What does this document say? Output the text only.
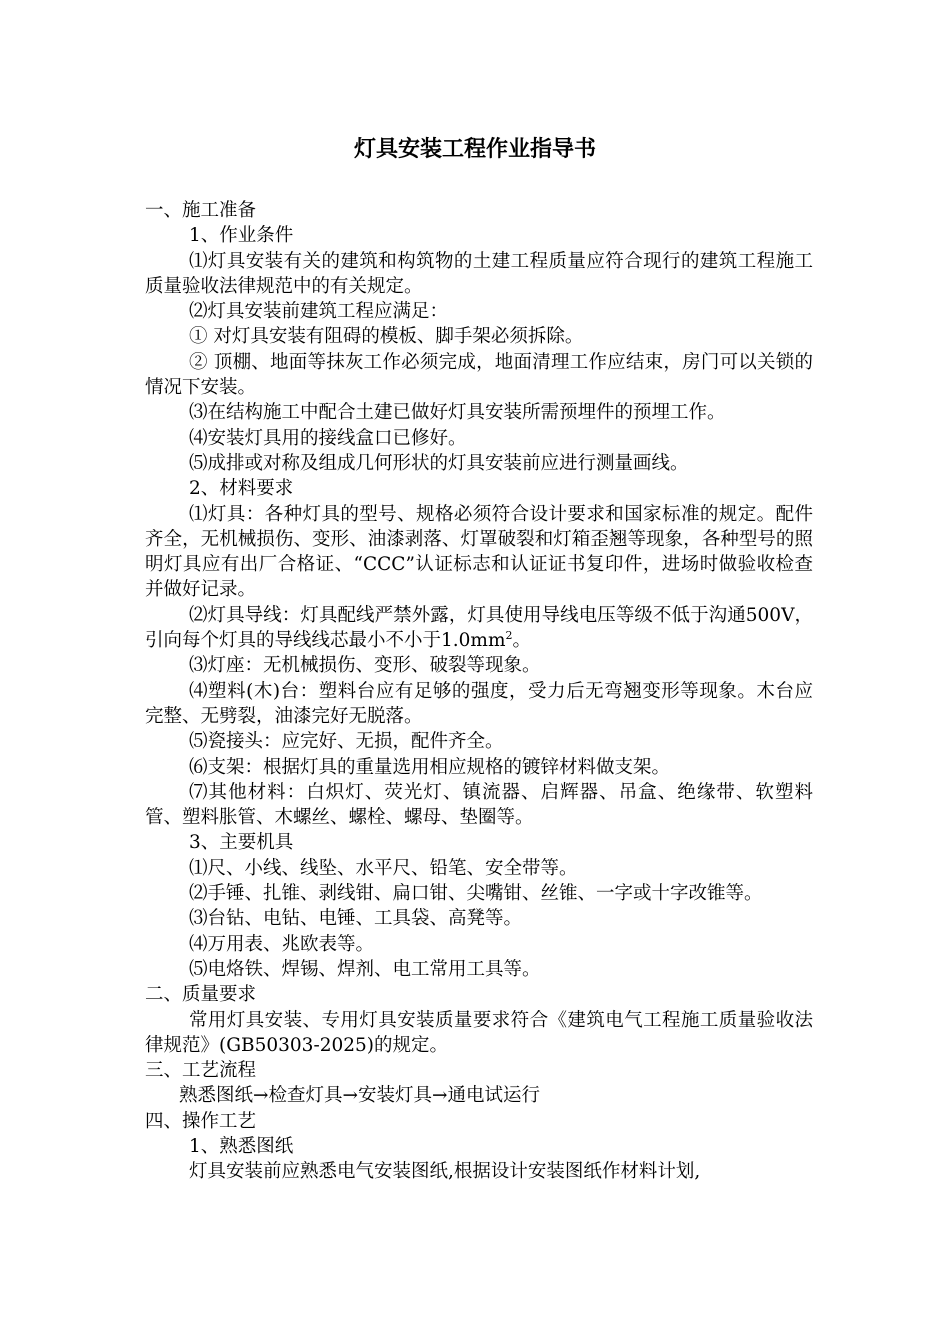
灯具安装工程作业指导书

一、施工准备

1、作业条件

⑴灯具安装有关的建筑和构筑物的土建工程质量应符合现行的建筑工程施工质量验收法律规范中的有关规定。

⑵灯具安装前建筑工程应满足：

① 对灯具安装有阻碍的模板、脚手架必须拆除。

② 顶棚、地面等抹灰工作必须完成，地面清理工作应结束，房门可以关锁的情况下安装。

⑶在结构施工中配合土建已做好灯具安装所需预埋件的预埋工作。

⑷安装灯具用的接线盒口已修好。

⑸成排或对称及组成几何形状的灯具安装前应进行测量画线。

2、材料要求

⑴灯具：各种灯具的型号、规格必须符合设计要求和国家标准的规定。配件齐全，无机械损伤、变形、油漆剥落、灯罩破裂和灯箱歪翘等现象，各种型号的照明灯具应有出厂合格证、“CCC”认证标志和认证证书复印件，进场时做验收检查并做好记录。

⑵灯具导线：灯具配线严禁外露，灯具使用导线电压等级不低于沟通500V，引向每个灯具的导线线芯最小不小于$1.0mm^2$。

⑶灯座：无机械损伤、变形、破裂等现象。

⑷塑料(木)台：塑料台应有足够的强度，受力后无弯翘变形等现象。木台应完整、无劈裂，油漆完好无脱落。

⑸瓷接头：应完好、无损，配件齐全。

⑹支架：根据灯具的重量选用相应规格的镀锌材料做支架。

⑺其他材料：白炽灯、荧光灯、镇流器、启辉器、吊盒、绝缘带、软塑料管、塑料胀管、木螺丝、螺栓、螺母、垫圈等。

3、主要机具

⑴尺、小线、线坠、水平尺、铅笔、安全带等。

⑵手锤、扎锥、剥线钳、扁口钳、尖嘴钳、丝锥、一字或十字改锥等。

⑶台钻、电钻、电锤、工具袋、高凳等。

⑷万用表、兆欧表等。

⑸电烙铁、焊锡、焊剂、电工常用工具等。

二、质量要求

常用灯具安装、专用灯具安装质量要求符合《建筑电气工程施工质量验收法律规范》(GB50303-2025)的规定。

三、工艺流程

熟悉图纸→检查灯具→安装灯具→通电试运行

四、操作工艺

1、熟悉图纸

灯具安装前应熟悉电气安装图纸,根据设计安装图纸作材料计划,
